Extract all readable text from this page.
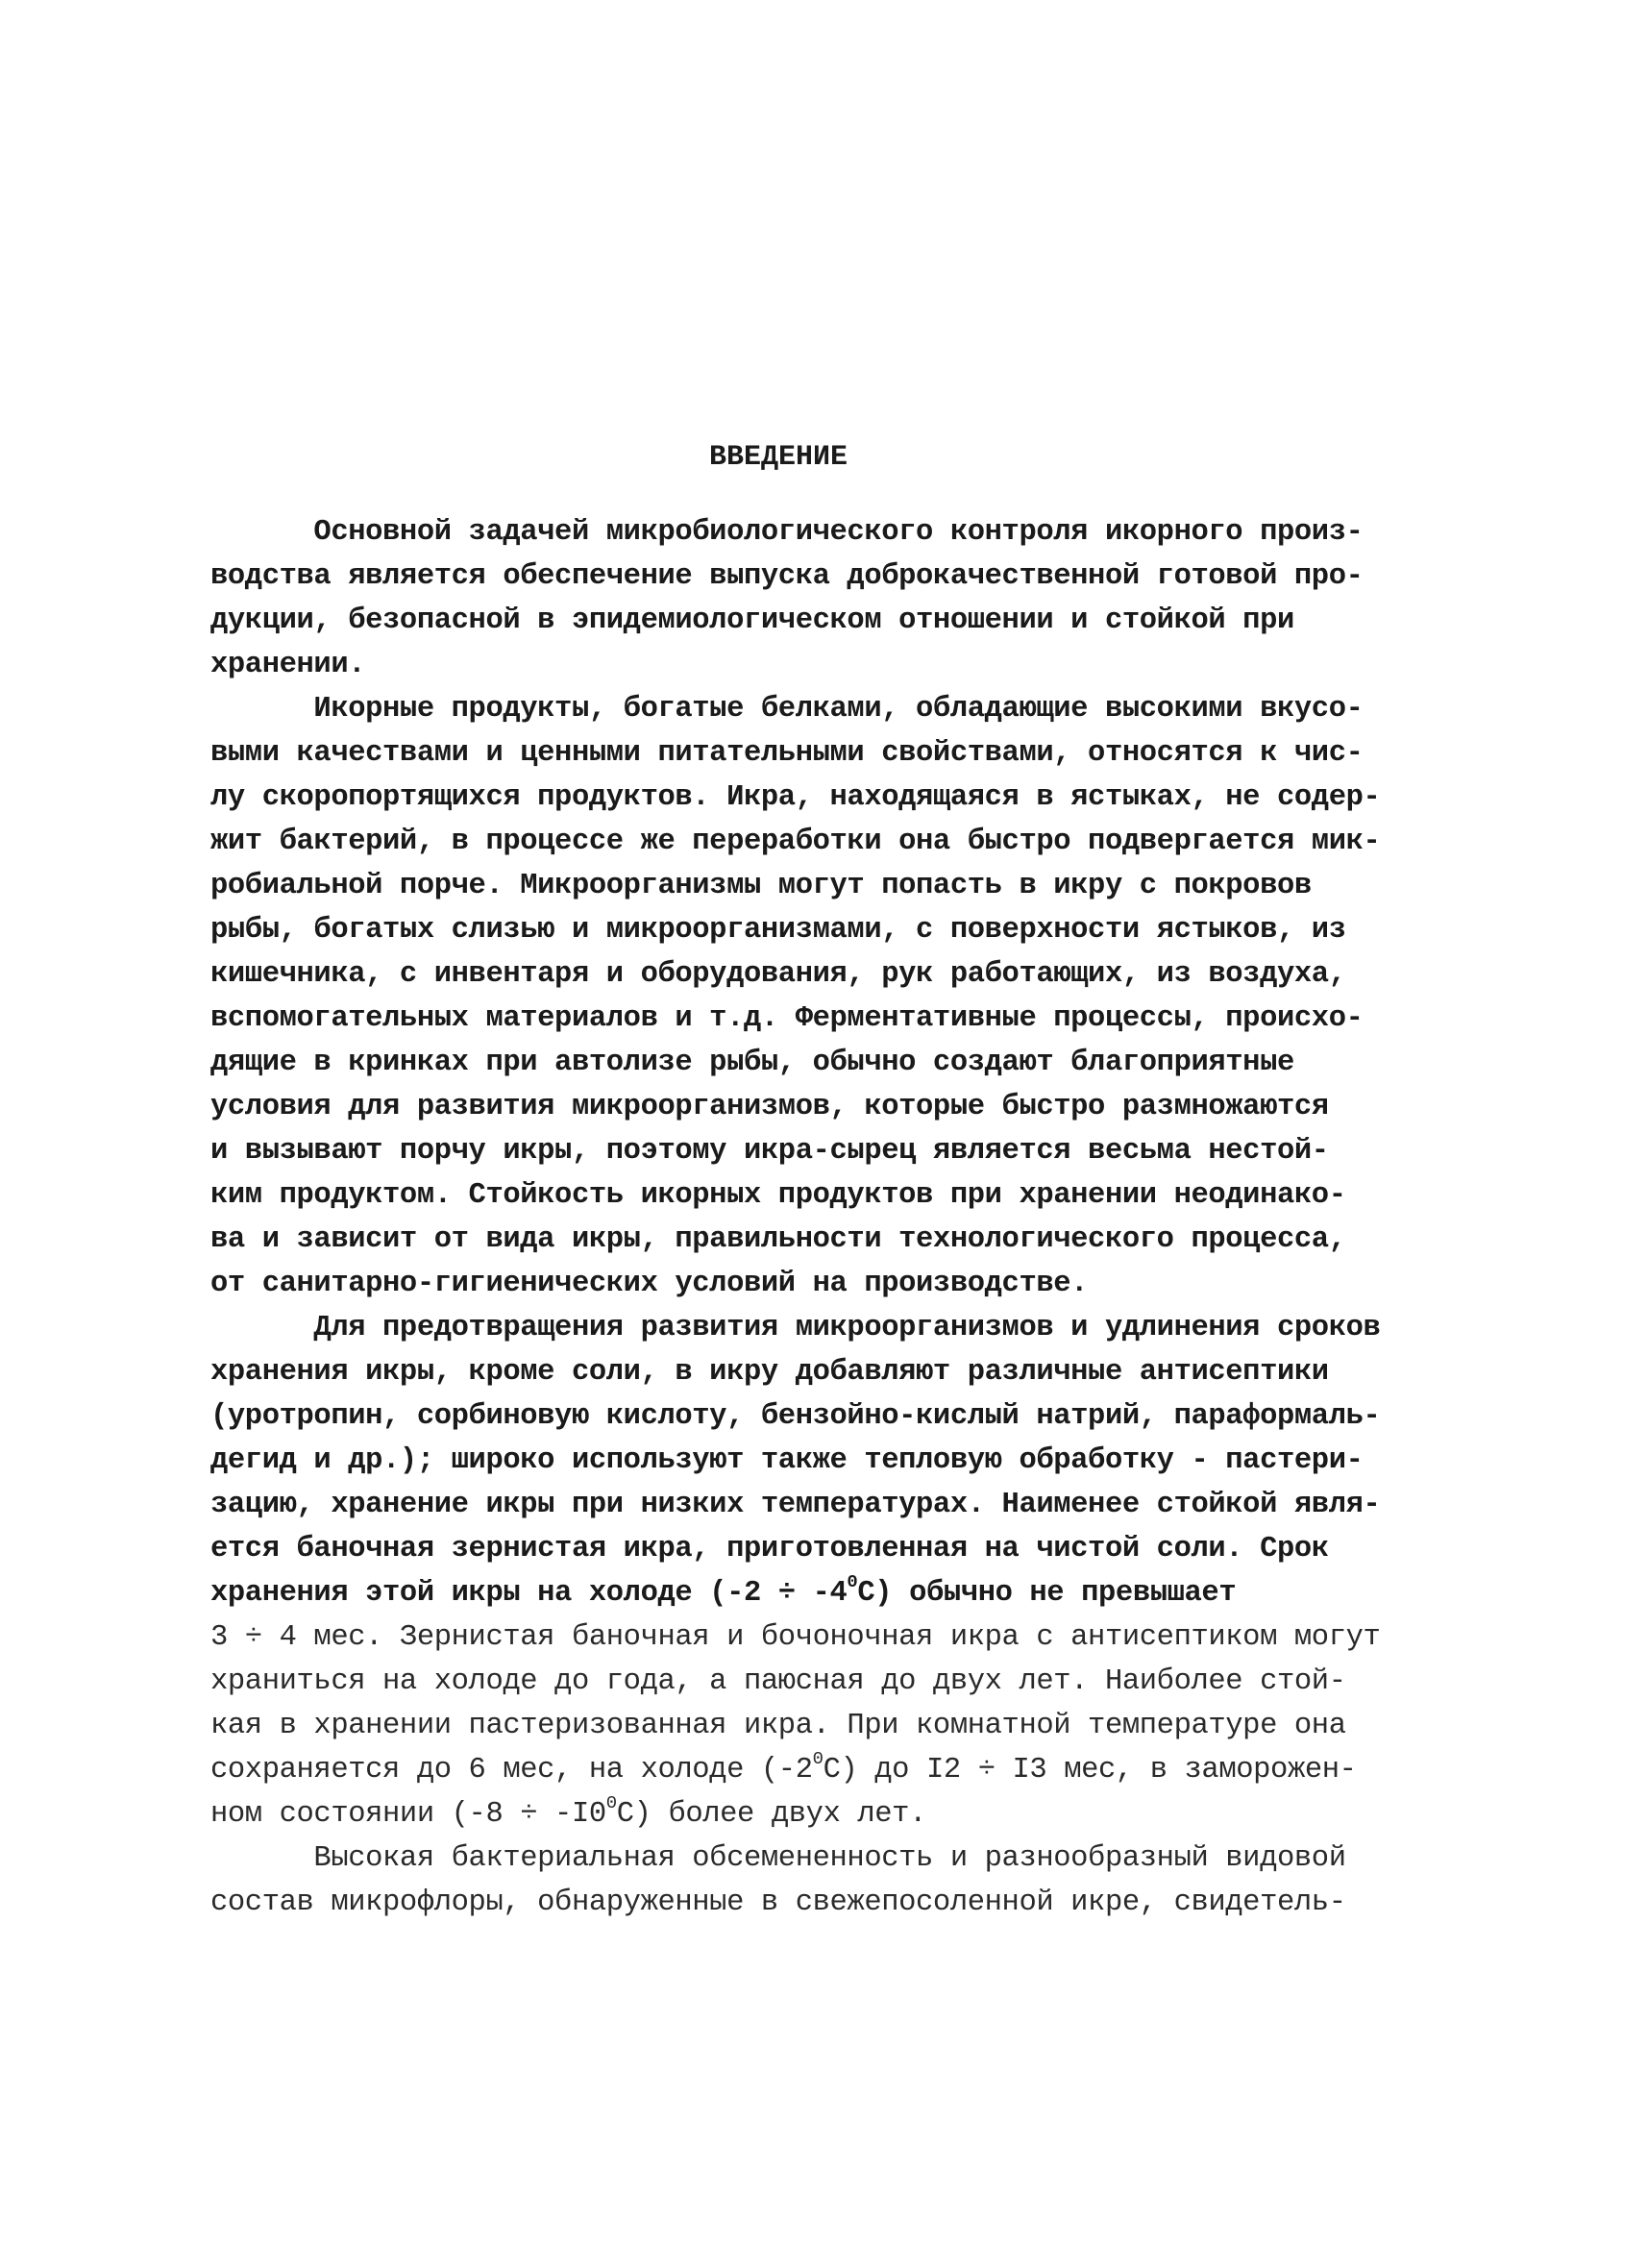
ВВЕДЕНИЕ
Основной задачей микробиологического контроля икорного произ-
водства является обеспечение выпуска доброкачественной готовой про-
дукции, безопасной в эпидемиологическом отношении и стойкой при
хранении.
Икорные продукты, богатые белками, обладающие высокими вкусо-
выми качествами и ценными питательными свойствами, относятся к чис-
лу скоропортящихся продуктов. Икра, находящаяся в ястыках, не содер-
жит бактерий, в процессе же переработки она быстро подвергается мик-
робиальной порче. Микроорганизмы могут попасть в икру с покровов
рыбы, богатых слизью и микроорганизмами, с поверхности ястыков, из
кишечника, с инвентаря и оборудования, рук работающих, из воздуха,
вспомогательных материалов и т.д. Ферментативные процессы, происхо-
дящие в кринках при автолизе рыбы, обычно создают благоприятные
условия для развития микроорганизмов, которые быстро размножаются
и вызывают порчу икры, поэтому икра-сырец является весьма нестой-
ким продуктом. Стойкость икорных продуктов при хранении неодинако-
ва и зависит от вида икры, правильности технологического процесса,
от санитарно-гигиенических условий на производстве.
Для предотвращения развития микроорганизмов и удлинения сроков
хранения икры, кроме соли, в икру добавляют различные антисептики
(уротропин, сорбиновую кислоту, бензойно-кислый натрий, параформаль-
дегид и др.); широко используют также тепловую обработку - пастери-
зацию, хранение икры при низких температурах. Наименее стойкой явля-
ется баночная зернистая икра, приготовленная на чистой соли. Срок
хранения этой икры на холоде $(-2 \div -4^0С)$ обычно не превышает
3 ÷ 4 мес. Зернистая баночная и бочоночная икра с антисептиком могут
храниться на холоде до года, а паюсная до двух лет. Наиболее стой-
кая в хранении пастеризованная икра. При комнатной температуре она
сохраняется до 6 мес, на холоде $(-2^0С)$ до I2 ÷ I3 мес, в заморожен-
ном состоянии $(-8 \div -I0^0С)$ более двух лет.
Высокая бактериальная обсемененность и разнообразный видовой
состав микрофлоры, обнаруженные в свежепосоленной икре, свидетель-
